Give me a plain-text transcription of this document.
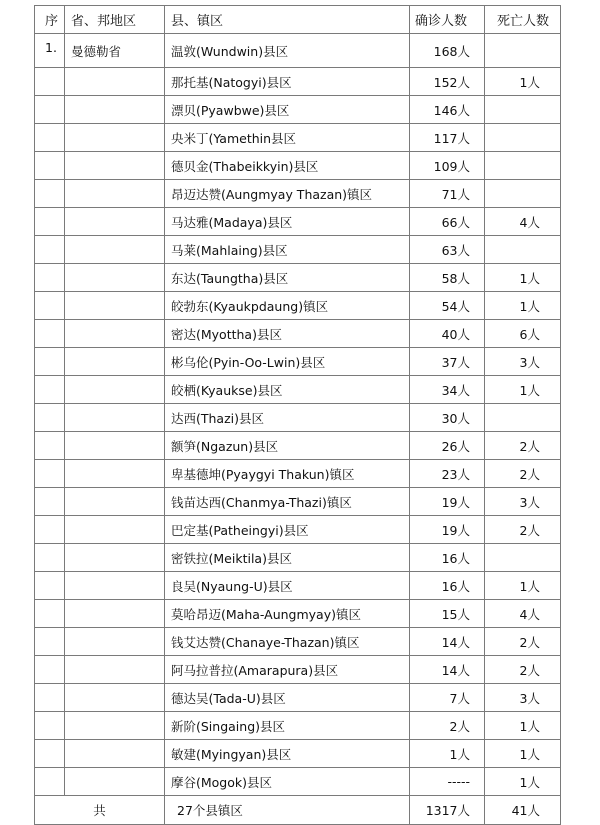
序	省、邦地区	县、镇区	确诊人数	死亡人数
1.	曼德勒省	温敦(Wundwin)县区	168人	
		那托基(Natogyi)县区	152人	1人
		漂贝(Pyawbwe)县区	146人	
		央米丁(Yamethin县区	117人	
		德贝金(Thabeikkyin)县区	109人	
		昂迈达赞(Aungmyay Thazan)镇区	71人	
		马达雅(Madaya)县区	66人	4人
		马莱(Mahlaing)县区	63人	
		东达(Taungtha)县区	58人	1人
		皎勃东(Kyaukpdaung)镇区	54人	1人
		密达(Myottha)县区	40人	6人
		彬乌伦(Pyin-Oo-Lwin)县区	37人	3人
		皎栖(Kyaukse)县区	34人	1人
		达西(Thazi)县区	30人	
		额笋(Ngazun)县区	26人	2人
		卑基德坤(Pyaygyi Thakun)镇区	23人	2人
		钱苗达西(Chanmya-Thazi)镇区	19人	3人
		巴定基(Patheingyi)县区	19人	2人
		密铁拉(Meiktila)县区	16人	
		良吴(Nyaung-U)县区	16人	1人
		莫哈昂迈(Maha-Aungmyay)镇区	15人	4人
		钱艾达赞(Chanaye-Thazan)镇区	14人	2人
		阿马拉普拉(Amarapura)县区	14人	2人
		德达吴(Tada-U)县区	7人	3人
		新阶(Singaing)县区	2人	1人
		敏建(Myingyan)县区	1人	1人
		摩谷(Mogok)县区	-----	1人
共		27个县镇区	1317人	41人
